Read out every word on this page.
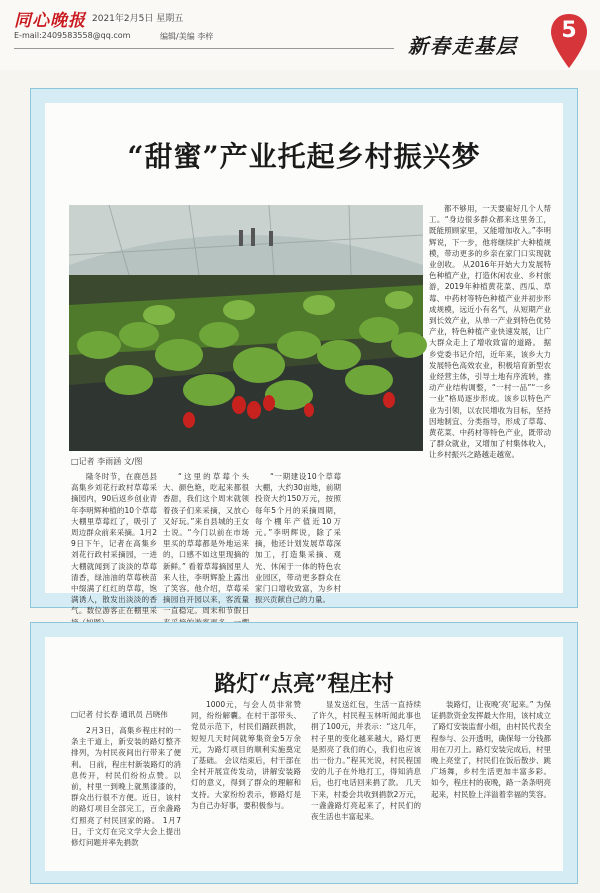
同心晚报 2021年2月5日 星期五
E-mail:2409583558@qq.com	编辑/美编 李梓	新春走基层
5
“甜蜜”产业托起乡村振兴梦
□记者 李雨涵 文/图

隆冬时节，在鹿邑县高集乡刘花行政村草莓采摘园内，90后返乡创业青年李明辉种植的10个草莓大棚里草莓红了，吸引了周边群众前来采摘。1月29日下午，记者在高集乡刘花行政村采摘园，一进大棚就闻到了淡淡的草莓清香，绿油油的草莓秧苗中缀满了红红的草莓，饱满诱人，散发出淡淡的香气。数位游客正在棚里采

“这里的草莓个头大、颜色艳，吃起来都很香甜，我们这个周末就领着孩子们来采摘，又放心又好玩。”来自县城的王女士说。“今门以前在市场里买的草莓都是外地运来的，口感不如这里现摘的新鲜。” 看着草莓摘园里人来人往，李明辉脸上露出了笑容。他介绍，草莓采摘园自开园以来，客流量一直稳定。周末和节假日

“一期建设10个草莓大棚，大约30亩地，前期投资大约150万元，按照每年5个月的采摘周期，每个棚年产值近10万元。”李明辉说，除了采摘，他还计划发展草莓深加工，打造集采摘、观光、休闲于一体的特色农业园区，带动更多群众在家门口增收致富，为乡村振兴贡献自己的力量。

都不够用，一天要雇好几个人帮工。“身边很多群众都来这里务工，既能照顾家里，又能增加收入。”李明辉说，下一步，他将继续扩大种植规模，带动更多的乡亲在家门口实现就业创收。 从2016年开始大力发展特色种植产业，打造休闲农业、乡村旅游，2019年种植黄花菜、西瓜、草莓、中药材等特色种植产业并初步形成规模，远近小有名气，从短期产业到长效产业，从单一产业到特色优势产业，特色种植产业快速发展，让广大群众走上了增收致富的道路。 据乡党委书记介绍，近年来，该乡大力发展特色高效农业，积极培育新型农业经营主体，引导土地有序流转，推动产业结构调整，“一村一品”“一乡一业”格局逐步形成。该乡以特色产业为引领，以农民增收为目标，坚持因地制宜、分类指导，形成了草莓、黄花菜、中药材等特色产业，既带动了群众就业，又增加了村集体收入，让乡村振兴之路越走越宽。

路灯“点亮”程庄村
□记者 付长春 通讯员 吕晓伟

2月3日，高集乡程庄村的一条主干道上，新安装的路灯整齐排列，为村民夜间出行带来了便利。 日前，程庄村新装路灯的消息传开，村民们纷纷点赞。以前，村里一到晚上就黑漆漆的，群众出行很不方便。近日，该村的路灯项目全部完工，百余盏路灯照亮了村民回家的路。 1月7日，于文灯在完文学大会上提出修灯问题并率先捐款

1000元，与会人员非常赞同，纷纷解囊。在村干部带头、党员示范下，村民们踊跃捐款，短短几天时间就筹集资金5万余元，为路灯项目的顺利实施奠定了基础。 会议结束后，村干部在全村开展宣传发动，讲解安装路灯的意义，得到了群众的理解和支持。大家纷纷表示，修路灯是为自己办好事，要积极参与。

显发送红包，生活一直持续了许久，村民程玉林听闻此事也捐了100元，并表示：“这几年，村子里的变化越来越大，路灯更是照亮了我们的心，我们也应该出一份力。”程其光说，村民程国安的儿子在外地打工，得知消息后，也打电话回来捐了款。 几天下来，村委会共收到捐款2万元，一盏盏路灯亮起来了，村民们的夜生活也丰富起来。

装路灯，让夜晚‘亮’起来。” 为保证捐款资金发挥最大作用，该村成立了路灯安装监督小组，由村民代表全程参与、公开透明，确保每一分钱都用在刀刃上。路灯安装完成后，村里晚上亮堂了，村民们在饭后散步、跳广场舞，乡村生活更加丰富多彩。 如今，程庄村的夜晚，路一条条明亮起来，村民脸上洋溢着幸福的笑容。
